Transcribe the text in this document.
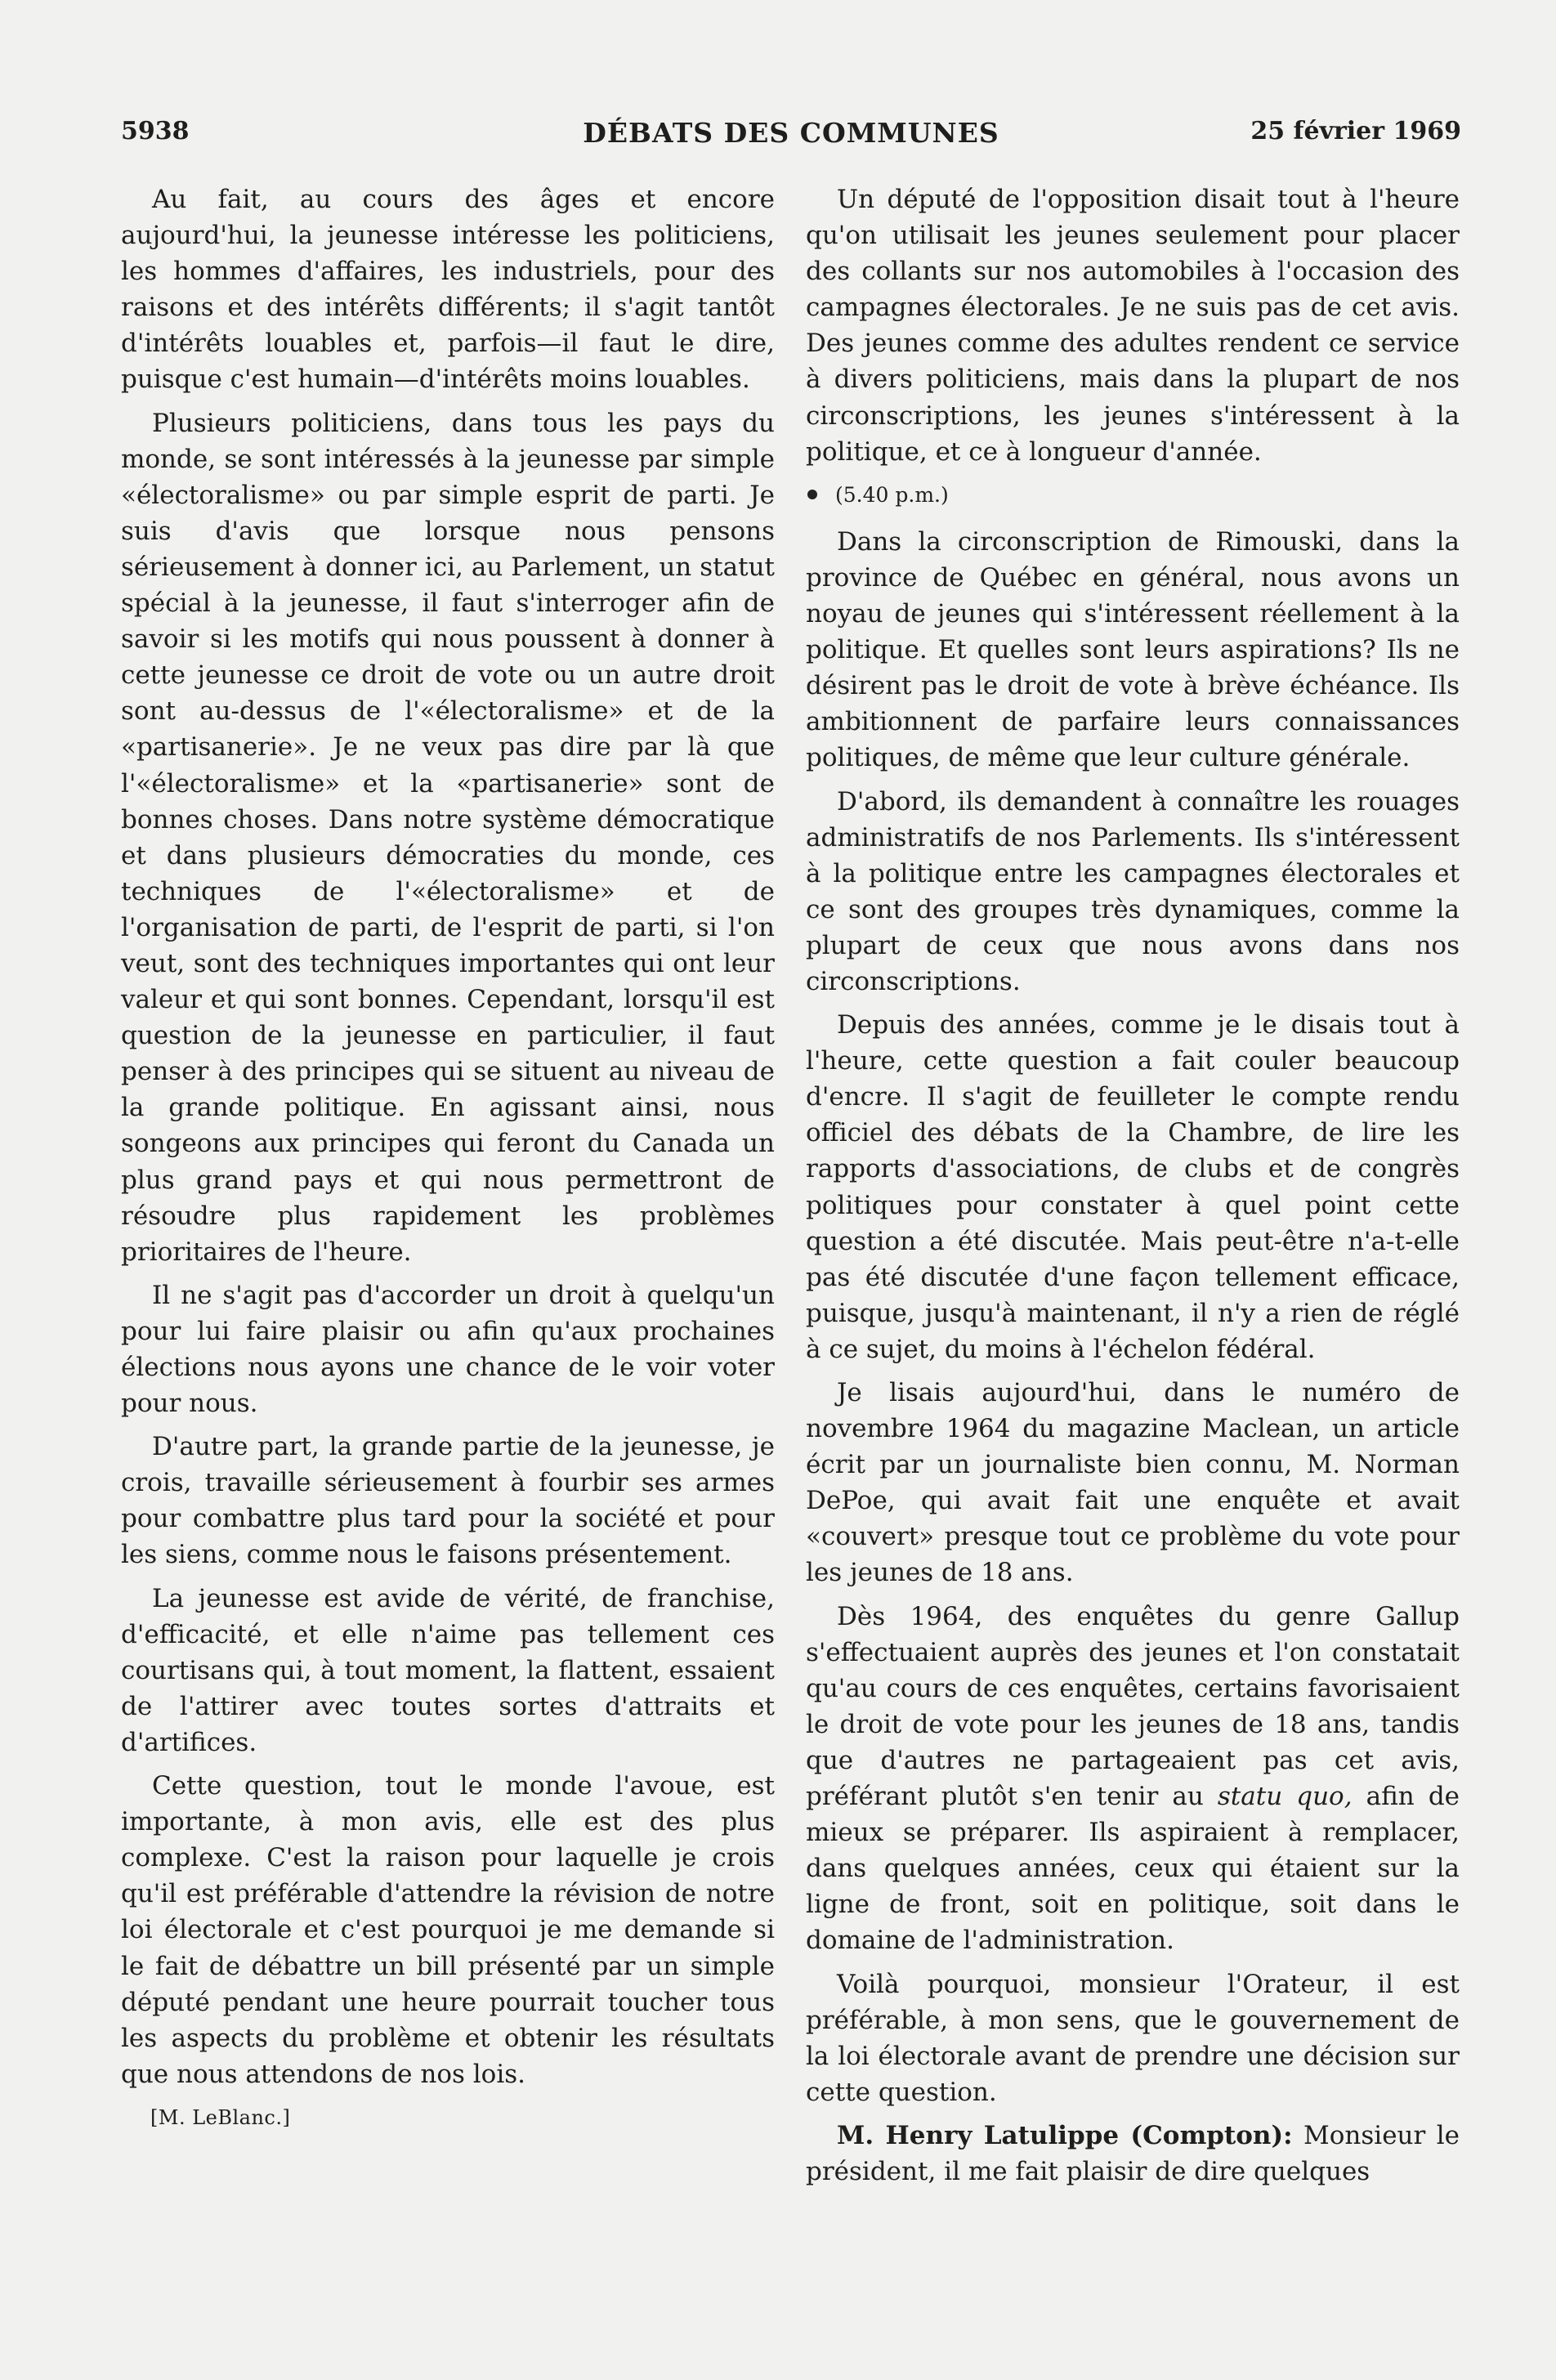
5938	DÉBATS DES COMMUNES	25 février 1969

Au fait, au cours des âges et encore aujourd'hui, la jeunesse intéresse les politiciens, les hommes d'affaires, les industriels, pour des raisons et des intérêts différents; il s'agit tantôt d'intérêts louables et, parfois—il faut le dire, puisque c'est humain—d'intérêts moins louables.

Plusieurs politiciens, dans tous les pays du monde, se sont intéressés à la jeunesse par simple «électoralisme» ou par simple esprit de parti. Je suis d'avis que lorsque nous pensons sérieusement à donner ici, au Parlement, un statut spécial à la jeunesse, il faut s'interroger afin de savoir si les motifs qui nous poussent à donner à cette jeunesse ce droit de vote ou un autre droit sont au-dessus de l'«électoralisme» et de la «partisanerie». Je ne veux pas dire par là que l'«électoralisme» et la «partisanerie» sont de bonnes choses. Dans notre système démocratique et dans plusieurs démocraties du monde, ces techniques de l'«électoralisme» et de l'organisation de parti, de l'esprit de parti, si l'on veut, sont des techniques importantes qui ont leur valeur et qui sont bonnes. Cependant, lorsqu'il est question de la jeunesse en particulier, il faut penser à des principes qui se situent au niveau de la grande politique. En agissant ainsi, nous songeons aux principes qui feront du Canada un plus grand pays et qui nous permettront de résoudre plus rapidement les problèmes prioritaires de l'heure.

Il ne s'agit pas d'accorder un droit à quelqu'un pour lui faire plaisir ou afin qu'aux prochaines élections nous ayons une chance de le voir voter pour nous.

D'autre part, la grande partie de la jeunesse, je crois, travaille sérieusement à fourbir ses armes pour combattre plus tard pour la société et pour les siens, comme nous le faisons présentement.

La jeunesse est avide de vérité, de franchise, d'efficacité, et elle n'aime pas tellement ces courtisans qui, à tout moment, la flattent, essaient de l'attirer avec toutes sortes d'attraits et d'artifices.

Cette question, tout le monde l'avoue, est importante, à mon avis, elle est des plus complexe. C'est la raison pour laquelle je crois qu'il est préférable d'attendre la révision de notre loi électorale et c'est pourquoi je me demande si le fait de débattre un bill présenté par un simple député pendant une heure pourrait toucher tous les aspects du problème et obtenir les résultats que nous attendons de nos lois.

[M. LeBlanc.]

Un député de l'opposition disait tout à l'heure qu'on utilisait les jeunes seulement pour placer des collants sur nos automobiles à l'occasion des campagnes électorales. Je ne suis pas de cet avis. Des jeunes comme des adultes rendent ce service à divers politiciens, mais dans la plupart de nos circonscriptions, les jeunes s'intéressent à la politique, et ce à longueur d'année.

(5.40 p.m.)

Dans la circonscription de Rimouski, dans la province de Québec en général, nous avons un noyau de jeunes qui s'intéressent réellement à la politique. Et quelles sont leurs aspirations? Ils ne désirent pas le droit de vote à brève échéance. Ils ambitionnent de parfaire leurs connaissances politiques, de même que leur culture générale.

D'abord, ils demandent à connaître les rouages administratifs de nos Parlements. Ils s'intéressent à la politique entre les campagnes électorales et ce sont des groupes très dynamiques, comme la plupart de ceux que nous avons dans nos circonscriptions.

Depuis des années, comme je le disais tout à l'heure, cette question a fait couler beaucoup d'encre. Il s'agit de feuilleter le compte rendu officiel des débats de la Chambre, de lire les rapports d'associations, de clubs et de congrès politiques pour constater à quel point cette question a été discutée. Mais peut-être n'a-t-elle pas été discutée d'une façon tellement efficace, puisque, jusqu'à maintenant, il n'y a rien de réglé à ce sujet, du moins à l'échelon fédéral.

Je lisais aujourd'hui, dans le numéro de novembre 1964 du magazine Maclean, un article écrit par un journaliste bien connu, M. Norman DePoe, qui avait fait une enquête et avait «couvert» presque tout ce problème du vote pour les jeunes de 18 ans.

Dès 1964, des enquêtes du genre Gallup s'effectuaient auprès des jeunes et l'on constatait qu'au cours de ces enquêtes, certains favorisaient le droit de vote pour les jeunes de 18 ans, tandis que d'autres ne partageaient pas cet avis, préférant plutôt s'en tenir au statu quo, afin de mieux se préparer. Ils aspiraient à remplacer, dans quelques années, ceux qui étaient sur la ligne de front, soit en politique, soit dans le domaine de l'administration.

Voilà pourquoi, monsieur l'Orateur, il est préférable, à mon sens, que le gouvernement de la loi électorale avant de prendre une décision sur cette question.

M. Henry Latulippe (Compton): Monsieur le président, il me fait plaisir de dire quelques
